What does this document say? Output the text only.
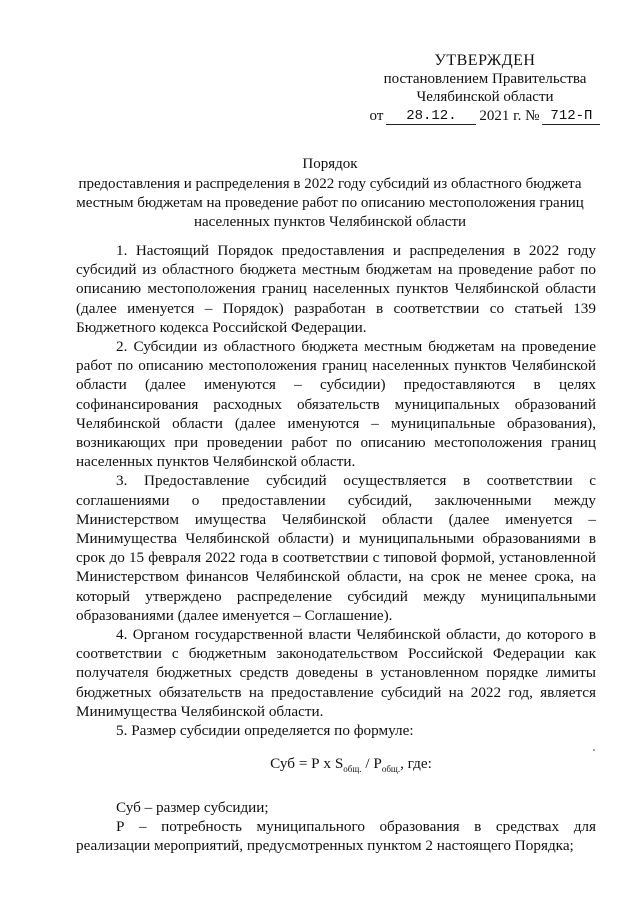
УТВЕРЖДЕН
постановлением Правительства
Челябинской области
от	28.12.	2021 г. № 712-П
Порядок
предоставления и распределения в 2022 году субсидий из областного бюджета местным бюджетам на проведение работ по описанию местоположения границ населенных пунктов Челябинской области

1. Настоящий Порядок предоставления и распределения в 2022 году субсидий из областного бюджета местным бюджетам на проведение работ по описанию местоположения границ населенных пунктов Челябинской области (далее именуется – Порядок) разработан в соответствии со статьей 139 Бюджетного кодекса Российской Федерации.

2. Субсидии из областного бюджета местным бюджетам на проведение работ по описанию местоположения границ населенных пунктов Челябинской области (далее именуются – субсидии) предоставляются в целях софинансирования расходных обязательств муниципальных образований Челябинской области (далее именуются – муниципальные образования), возникающих при проведении работ по описанию местоположения границ населенных пунктов Челябинской области.

3. Предоставление субсидий осуществляется в соответствии с соглашениями о предоставлении субсидий, заключенными между Министерством имущества Челябинской области (далее именуется – Минимущества Челябинской области) и муниципальными образованиями в срок до 15 февраля 2022 года в соответствии с типовой формой, установленной Министерством финансов Челябинской области, на срок не менее срока, на который утверждено распределение субсидий между муниципальными образованиями (далее именуется – Соглашение).

4. Органом государственной власти Челябинской области, до которого в соответствии с бюджетным законодательством Российской Федерации как получателя бюджетных средств доведены в установленном порядке лимиты бюджетных обязательств на предоставление субсидий на 2022 год, является Минимущества Челябинской области.

5. Размер субсидии определяется по формуле:

Суб = Р х $S_{общ.} / P_{общ.}$, где:

Суб – размер субсидии;

Р – потребность муниципального образования в средствах для реализации мероприятий, предусмотренных пунктом 2 настоящего Порядка;
